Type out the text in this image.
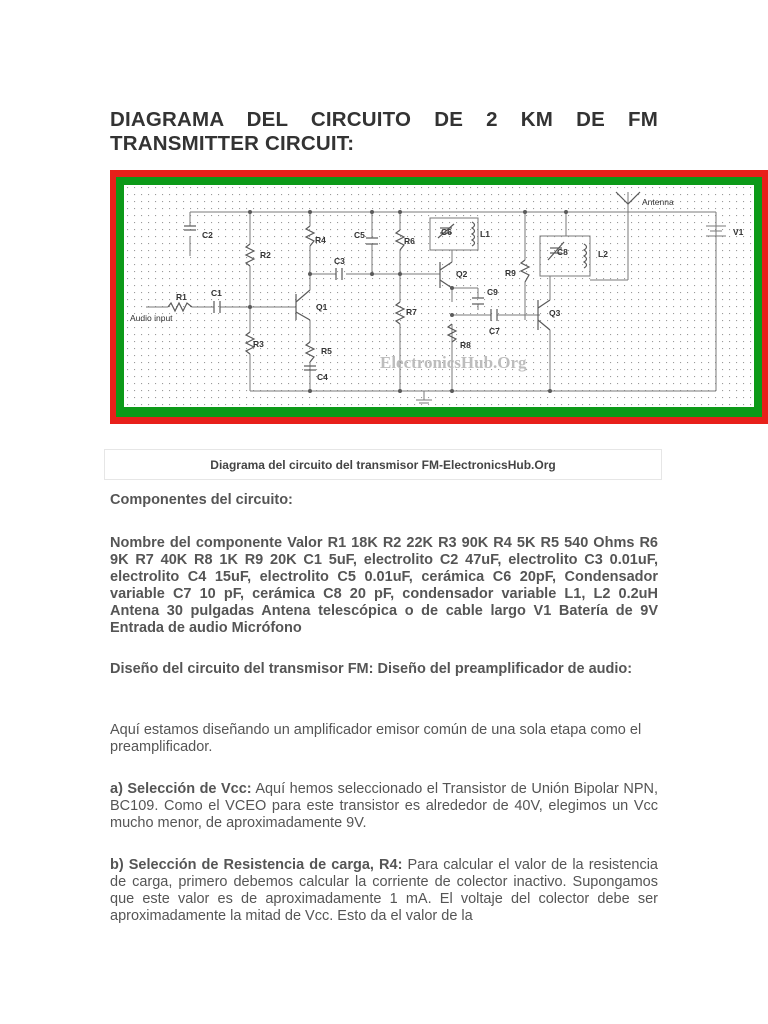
DIAGRAMA DEL CIRCUITO DE 2 KM DE FM TRANSMITTER CIRCUIT:
ElectronicsHub.Org
Antenna
V1
C2
R2
R4	C5
R6
C6	L1
C8	L2
C3
Q2	R9
C9
R1	C1
Audio input
Q1	R7
C7
Q3
R3	R8
R5
C4
Diagrama del circuito del transmisor FM-ElectronicsHub.Org

Componentes del circuito:

Nombre del componente Valor R1 18K R2 22K R3 90K R4 5K R5 540 Ohms R6 9K R7 40K R8 1K R9 20K C1 5uF, electrolito C2 47uF, electrolito C3 0.01uF, electrolito C4 15uF, electrolito C5 0.01uF, cerámica C6 20pF, Condensador variable C7 10 pF, cerámica C8 20 pF, condensador variable L1, L2 0.2uH Antena 30 pulgadas Antena telescópica o de cable largo V1 Batería de 9V Entrada de audio Micrófono

Diseño del circuito del transmisor FM: Diseño del preamplificador de audio:

Aquí estamos diseñando un amplificador emisor común de una sola etapa como el preamplificador.

a) Selección de Vcc: Aquí hemos seleccionado el Transistor de Unión Bipolar NPN, BC109. Como el VCEO para este transistor es alrededor de 40V, elegimos un Vcc mucho menor, de aproximadamente 9V.

b) Selección de Resistencia de carga, R4: Para calcular el valor de la resistencia de carga, primero debemos calcular la corriente de colector inactivo. Supongamos que este valor es de aproximadamente 1 mA. El voltaje del colector debe ser aproximadamente la mitad de Vcc. Esto da el valor de la
